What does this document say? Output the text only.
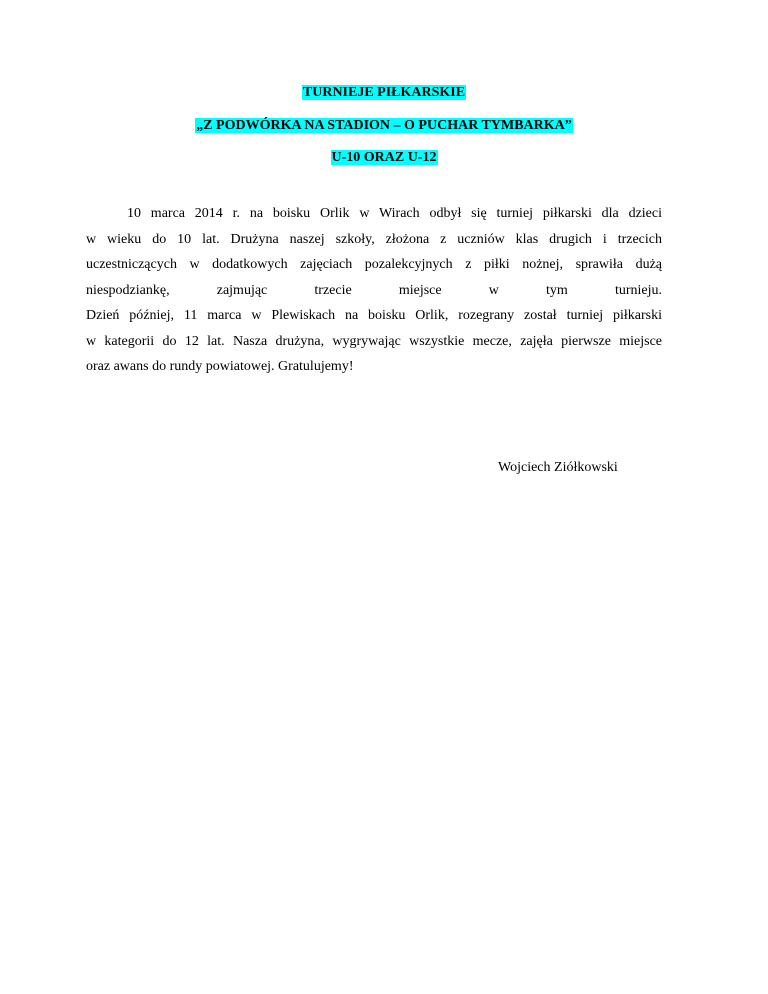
TURNIEJE PIŁKARSKIE
„Z PODWÓRKA NA STADION – O PUCHAR TYMBARKA”
U-10 ORAZ U-12
10 marca 2014 r. na boisku Orlik w Wirach odbył się turniej piłkarski dla dzieci
w wieku do 10 lat. Drużyna naszej szkoły, złożona z uczniów klas drugich i trzecich
uczestniczących w dodatkowych zajęciach pozalekcyjnych z piłki nożnej, sprawiła dużą
niespodziankę, zajmując trzecie miejsce w tym turnieju.
Dzień później, 11 marca w Plewiskach na boisku Orlik, rozegrany został turniej piłkarski
w kategorii do 12 lat. Nasza drużyna, wygrywając wszystkie mecze, zajęła pierwsze miejsce
oraz awans do rundy powiatowej. Gratulujemy!
Wojciech Ziółkowski
